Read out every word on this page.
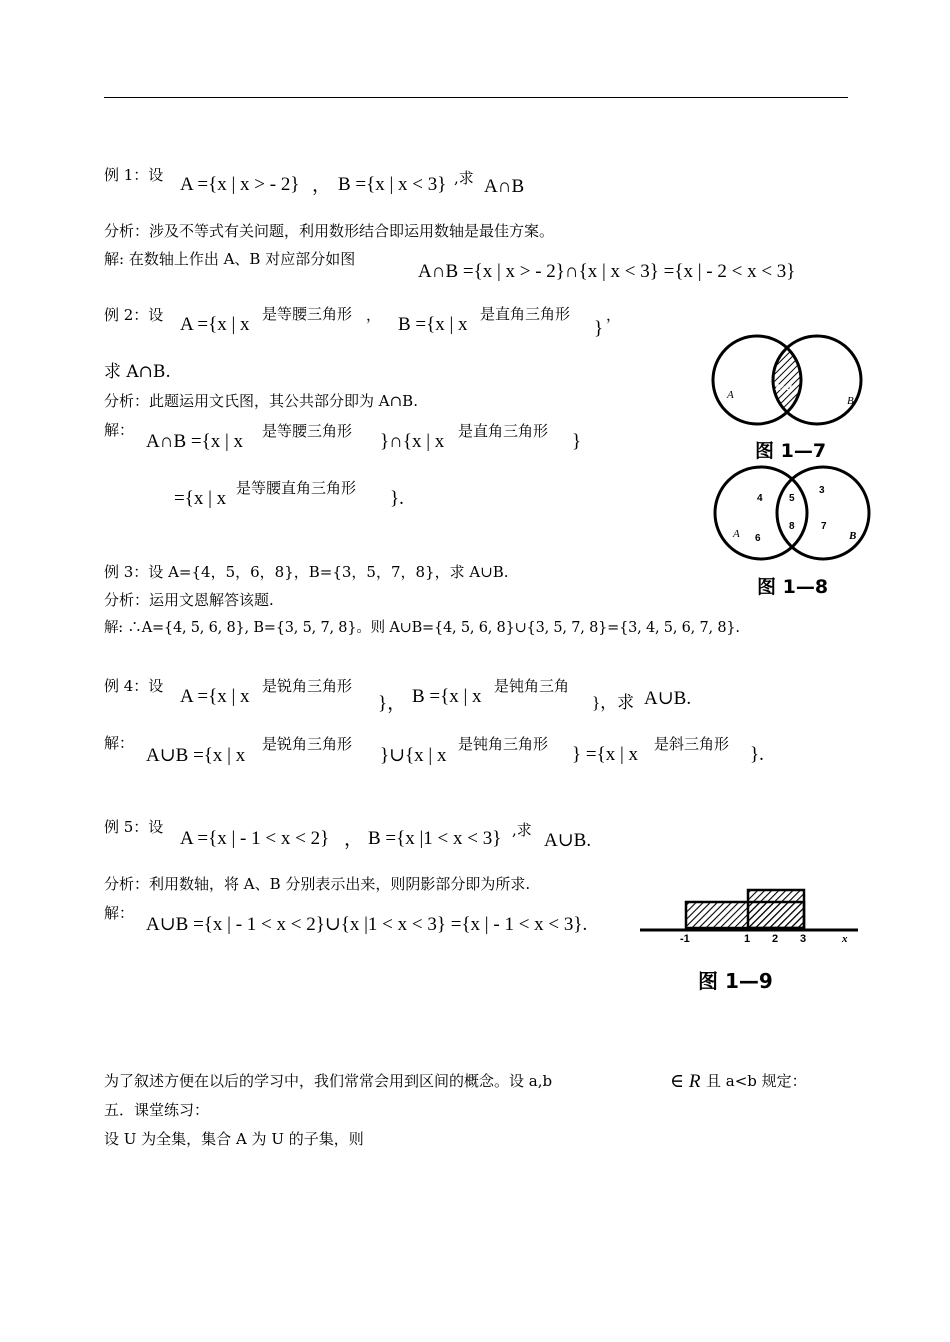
例 1：设 A ={x | x > - 2} ， B ={x | x < 3} ,求 A∩B
分析：涉及不等式有关问题，利用数形结合即运用数轴是最佳方案。
解: 在数轴上作出 A、B 对应部分如图
A∩B ={x | x > - 2}∩{x | x < 3} ={x | - 2 < x < 3}
例 2：设 A ={x | x 是等腰三角形 ， B ={x | x 是直角三角形
}
，
求 A∩B.
分析：此题运用文氏图，其公共部分即为 A∩B.
解：
A∩B ={x | x 是等腰三角形 }∩{x | x 是直角三角形 }
={x | x 是等腰直角三角形 }.
A	B
A∩B
图 1—7
4	5
3
6
8	7
A	B
图 1—8
例 3：设 A={4，5，6，8}，B={3，5，7，8}，求 A∪B.
分析：运用文恩解答该题.
解: ∴A={4, 5, 6, 8}, B={3, 5, 7, 8}。则 A∪B={4, 5, 6, 8}∪{3, 5, 7, 8}={3, 4, 5, 6, 7, 8}.
例 4：设 A ={x | x 是锐角三角形
}， B ={x | x 是钝角三角
}，求 A∪B.
解：
A∪B ={x | x
是锐角三角形
}∪{x | x
是钝角三角形 } ={x | x 是斜三角形 }.
例 5：设
A ={x | - 1 < x < 2} ， B ={x |1 < x < 3} ,求 A∪B.
分析：利用数轴，将 A、B 分别表示出来，则阴影部分即为所求.
解：
A∪B ={x | - 1 < x < 2}∪{x |1 < x < 3} ={x | - 1 < x < 3}.
-1	1 2 3	x
图 1—9
为了叙述方便在以后的学习中，我们常常会用到区间的概念。设 a,b	∈ R 且 a<b 规定：
五．课堂练习：
设 U 为全集，集合 A 为 U 的子集，则
